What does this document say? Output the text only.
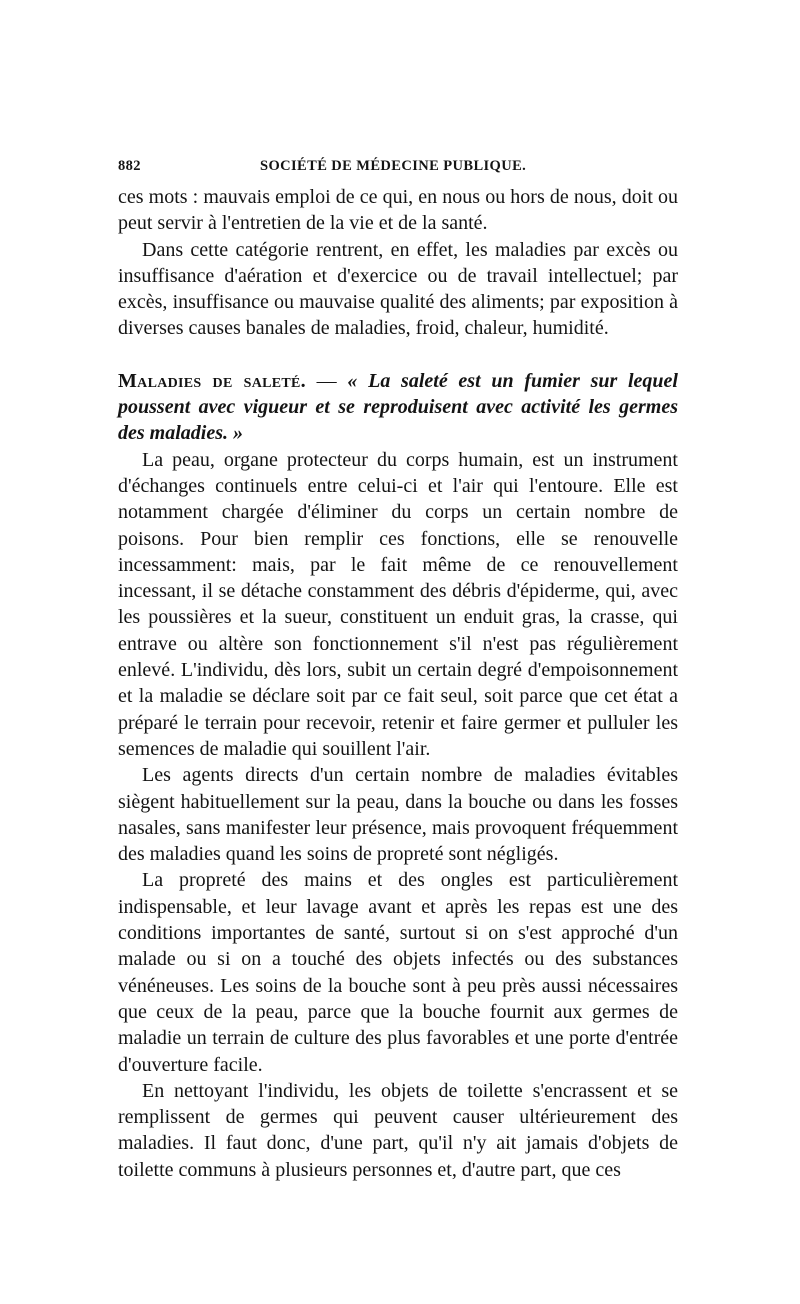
882	SOCIÉTÉ DE MÉDECINE PUBLIQUE.

ces mots : mauvais emploi de ce qui, en nous ou hors de nous, doit ou peut servir à l'entretien de la vie et de la santé.

Dans cette catégorie rentrent, en effet, les maladies par excès ou insuffisance d'aération et d'exercice ou de travail intellectuel; par excès, insuffisance ou mauvaise qualité des aliments; par exposition à diverses causes banales de maladies, froid, chaleur, humidité.

Maladies de saleté. — « La saleté est un fumier sur lequel poussent avec vigueur et se reproduisent avec activité les germes des maladies. »

La peau, organe protecteur du corps humain, est un instrument d'échanges continuels entre celui-ci et l'air qui l'entoure. Elle est notamment chargée d'éliminer du corps un certain nombre de poisons. Pour bien remplir ces fonctions, elle se renouvelle incessamment: mais, par le fait même de ce renouvellement incessant, il se détache constamment des débris d'épiderme, qui, avec les poussières et la sueur, constituent un enduit gras, la crasse, qui entrave ou altère son fonctionnement s'il n'est pas régulièrement enlevé. L'individu, dès lors, subit un certain degré d'empoisonnement et la maladie se déclare soit par ce fait seul, soit parce que cet état a préparé le terrain pour recevoir, retenir et faire germer et pulluler les semences de maladie qui souillent l'air.

Les agents directs d'un certain nombre de maladies évitables siègent habituellement sur la peau, dans la bouche ou dans les fosses nasales, sans manifester leur présence, mais provoquent fréquemment des maladies quand les soins de propreté sont négligés.

La propreté des mains et des ongles est particulièrement indispensable, et leur lavage avant et après les repas est une des conditions importantes de santé, surtout si on s'est approché d'un malade ou si on a touché des objets infectés ou des substances vénéneuses. Les soins de la bouche sont à peu près aussi nécessaires que ceux de la peau, parce que la bouche fournit aux germes de maladie un terrain de culture des plus favorables et une porte d'entrée d'ouverture facile.

En nettoyant l'individu, les objets de toilette s'encrassent et se remplissent de germes qui peuvent causer ultérieurement des maladies. Il faut donc, d'une part, qu'il n'y ait jamais d'objets de toilette communs à plusieurs personnes et, d'autre part, que ces
